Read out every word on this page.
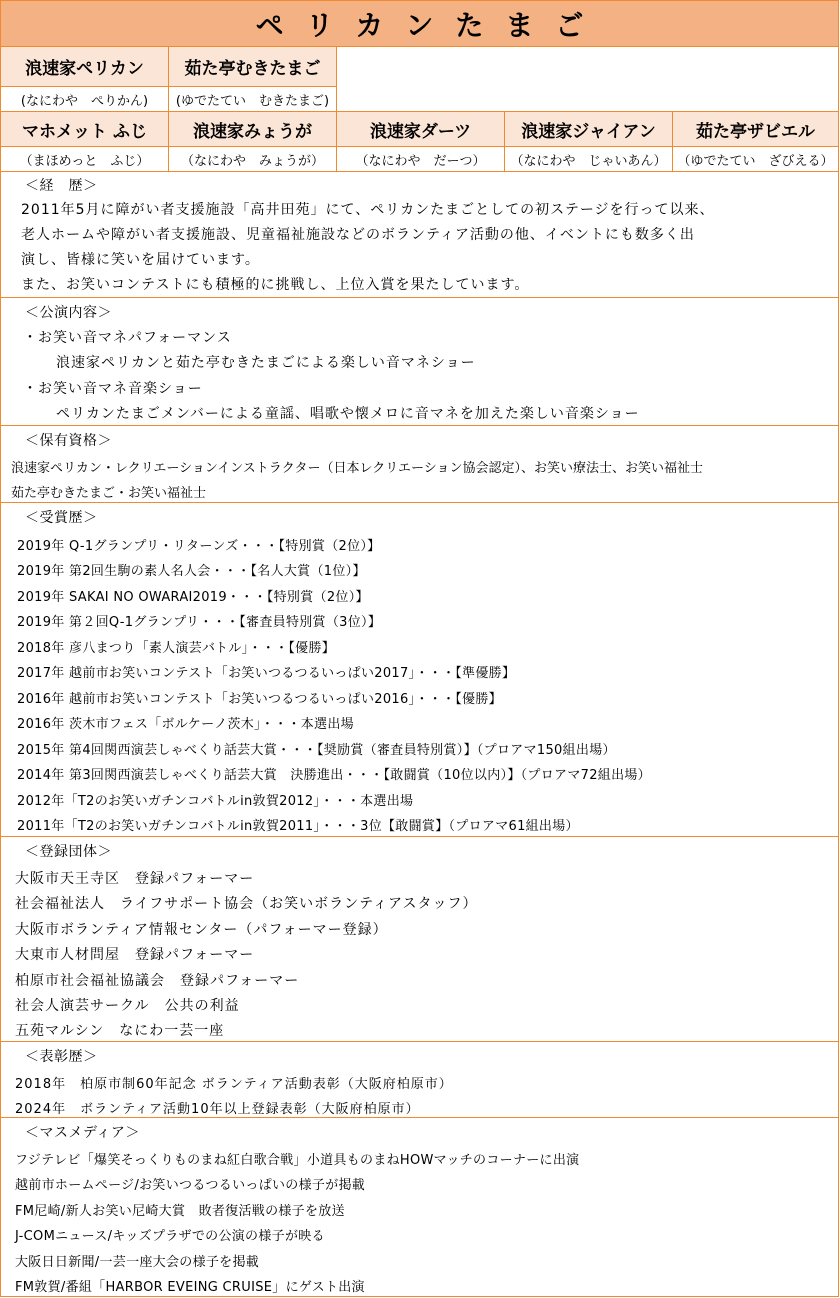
ペリカンたまご
浪速家ペリカン	茹た亭むきたまご
(なにわや　ぺりかん)	(ゆでたてい　むきたまご)
マホメット ふじ	浪速家みょうが	浪速家ダーツ	浪速家ジャイアン	茹た亭ザビエル
（まほめっと　ふじ）	（なにわや　みょうが）	（なにわや　だーつ）	（なにわや　じゃいあん） （ゆでたてい　ざびえる）
＜経　歴＞
2011年5月に障がい者支援施設「高井田苑」にて、ペリカンたまごとしての初ステージを行って以来、
老人ホームや障がい者支援施設、児童福祉施設などのボランティア活動の他、イベントにも数多く出
演し、皆様に笑いを届けています。
また、お笑いコンテストにも積極的に挑戦し、上位入賞を果たしています。
＜公演内容＞
・お笑い音マネパフォーマンス
浪速家ペリカンと茹た亭むきたまごによる楽しい音マネショー
・お笑い音マネ音楽ショー
ペリカンたまごメンバーによる童謡、唱歌や懐メロに音マネを加えた楽しい音楽ショー
＜保有資格＞
浪速家ペリカン・レクリエーションインストラクター（日本レクリエーション協会認定）、お笑い療法士、お笑い福祉士
茹た亭むきたまご・お笑い福祉士
＜受賞歴＞
2019年 Q-1グランプリ・リターンズ・・・【特別賞（2位）】
2019年 第2回生駒の素人名人会・・・【名人大賞（1位）】
2019年 SAKAI NO OWARAI2019・・・【特別賞（2位）】
2019年 第２回Q-1グランプリ・・・【審査員特別賞（3位）】
2018年 彦八まつり「素人演芸バトル」・・・【優勝】
2017年 越前市お笑いコンテスト「お笑いつるつるいっぱい2017」・・・【準優勝】
2016年 越前市お笑いコンテスト「お笑いつるつるいっぱい2016」・・・【優勝】
2016年 茨木市フェス「ボルケーノ茨木」・・・本選出場
2015年 第4回関西演芸しゃべくり話芸大賞・・・【奨励賞（審査員特別賞）】（プロアマ150組出場）
2014年 第3回関西演芸しゃべくり話芸大賞　決勝進出・・・【敢闘賞（10位以内）】（プロアマ72組出場）
2012年「T2のお笑いガチンコバトルin敦賀2012」・・・本選出場
2011年「T2のお笑いガチンコバトルin敦賀2011」・・・3位【敢闘賞】（プロアマ61組出場）
＜登録団体＞
大阪市天王寺区　登録パフォーマー
社会福祉法人　ライフサポート協会（お笑いボランティアスタッフ）
大阪市ボランティア情報センター（パフォーマー登録）
大東市人材問屋　登録パフォーマー
柏原市社会福祉協議会　登録パフォーマー
社会人演芸サークル　公共の利益
五苑マルシン　なにわ一芸一座
＜表彰歴＞
2018年　柏原市制60年記念 ボランティア活動表彰（大阪府柏原市）
2024年　ボランティア活動10年以上登録表彰（大阪府柏原市）
＜マスメディア＞
フジテレビ「爆笑そっくりものまね紅白歌合戦」小道具ものまねHOWマッチのコーナーに出演
越前市ホームページ/お笑いつるつるいっぱいの様子が掲載
FM尼崎/新人お笑い尼崎大賞　敗者復活戦の様子を放送
J-COMニュース/キッズプラザでの公演の様子が映る
大阪日日新聞/一芸一座大会の様子を掲載
FM敦賀/番組「HARBOR EVEING CRUISE」にゲスト出演
